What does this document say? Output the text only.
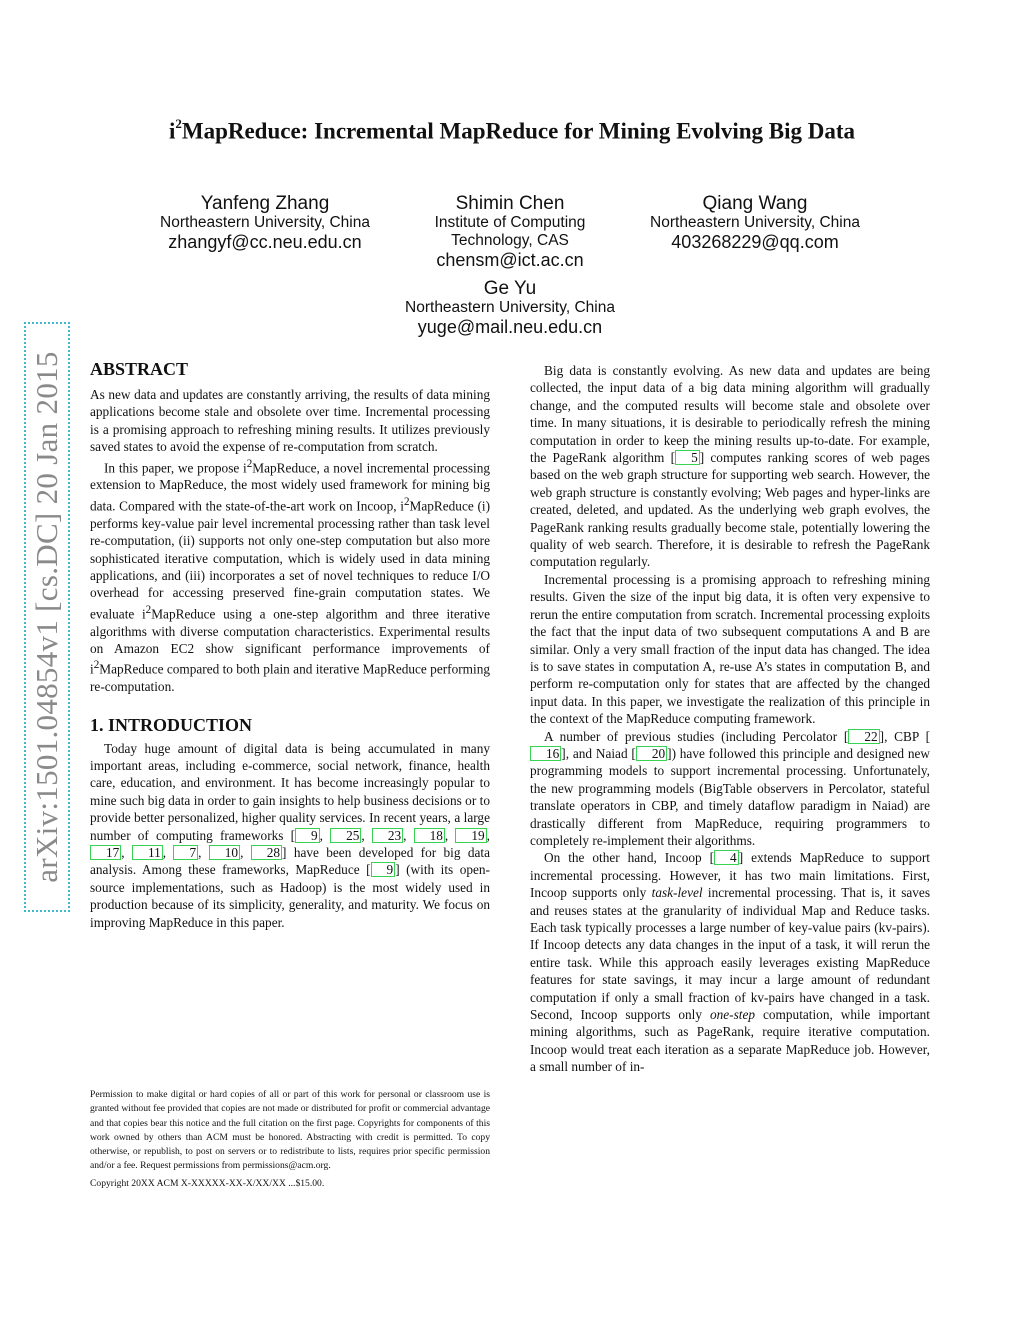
arXiv:1501.04854v1 [cs.DC] 20 Jan 2015
$i^2MapReduce$: Incremental MapReduce for Mining Evolving Big Data
Yanfeng Zhang
Northeastern University, China
zhangyf@cc.neu.edu.cn
Shimin Chen
Institute of Computing
Technology, CAS
chensm@ict.ac.cn
Qiang Wang
Northeastern University, China
403268229@qq.com
Ge Yu
Northeastern University, China
yuge@mail.neu.edu.cn
ABSTRACT

As new data and updates are constantly arriving, the results of data mining applications become stale and obsolete over time. Incremental processing is a promising approach to refreshing mining results. It utilizes previously saved states to avoid the expense of re-computation from scratch.

In this paper, we propose $i^2MapReduce$, a novel incremental processing extension to MapReduce, the most widely used framework for mining big data. Compared with the state-of-the-art work on Incoop, $i^2MapReduce$ (i) performs key-value pair level incremental processing rather than task level re-computation, (ii) supports not only one-step computation but also more sophisticated iterative computation, which is widely used in data mining applications, and (iii) incorporates a set of novel techniques to reduce I/O overhead for accessing preserved fine-grain computation states. We evaluate $i^2MapReduce$ using a one-step algorithm and three iterative algorithms with diverse computation characteristics. Experimental results on Amazon EC2 show significant performance improvements of $i^2MapReduce$ compared to both plain and iterative MapReduce performing re-computation.

1. INTRODUCTION

Today huge amount of digital data is being accumulated in many important areas, including e-commerce, social network, finance, health care, education, and environment. It has become increasingly popular to mine such big data in order to gain insights to help business decisions or to provide better personalized, higher quality services. In recent years, a large number of computing frameworks [ 9 , 25 , 23 , 18 , 19 , 17 , 11 , 7 , 10 , 28 ] have been developed for big data analysis. Among these frameworks, MapReduce [ 9 ] (with its open-source implementations, such as Hadoop) is the most widely used in production because of its simplicity, generality, and maturity. We focus on improving MapReduce in this paper.

Permission to make digital or hard copies of all or part of this work for personal or classroom use is granted without fee provided that copies are not made or distributed for profit or commercial advantage and that copies bear this notice and the full citation on the first page. Copyrights for components of this work owned by others than ACM must be honored. Abstracting with credit is permitted. To copy otherwise, or republish, to post on servers or to redistribute to lists, requires prior specific permission and/or a fee. Request permissions from permissions@acm.org.
Copyright 20XX ACM X-XXXXX-XX-X/XX/XX ...$15.00.

Big data is constantly evolving. As new data and updates are being collected, the input data of a big data mining algorithm will gradually change, and the computed results will become stale and obsolete over time. In many situations, it is desirable to periodically refresh the mining computation in order to keep the mining results up-to-date. For example, the PageRank algorithm [ 5 ] computes ranking scores of web pages based on the web graph structure for supporting web search. However, the web graph structure is constantly evolving; Web pages and hyper-links are created, deleted, and updated. As the underlying web graph evolves, the PageRank ranking results gradually become stale, potentially lowering the quality of web search. Therefore, it is desirable to refresh the PageRank computation regularly.

Incremental processing is a promising approach to refreshing mining results. Given the size of the input big data, it is often very expensive to rerun the entire computation from scratch. Incremental processing exploits the fact that the input data of two subsequent computations A and B are similar. Only a very small fraction of the input data has changed. The idea is to save states in computation A, re-use A’s states in computation B, and perform re-computation only for states that are affected by the changed input data. In this paper, we investigate the realization of this principle in the context of the MapReduce computing framework.

A number of previous studies (including Percolator [ 22 ], CBP [16 ], and Naiad [ 20 ]) have followed this principle and designed new programming models to support incremental processing. Unfortunately, the new programming models (BigTable observers in Percolator, stateful translate operators in CBP, and timely dataflow paradigm in Naiad) are drastically different from MapReduce, requiring programmers to completely re-implement their algorithms.

On the other hand, Incoop [ 4 ] extends MapReduce to support incremental processing. However, it has two main limitations. First, Incoop supports only task-level incremental processing. That is, it saves and reuses states at the granularity of individual Map and Reduce tasks. Each task typically processes a large number of key-value pairs (kv-pairs). If Incoop detects any data changes in the input of a task, it will rerun the entire task. While this approach easily leverages existing MapReduce features for state savings, it may incur a large amount of redundant computation if only a small fraction of kv-pairs have changed in a task. Second, Incoop supports only one-step computation, while important mining algorithms, such as PageRank, require iterative computation. Incoop would treat each iteration as a separate MapReduce job. However, a small number of in-
